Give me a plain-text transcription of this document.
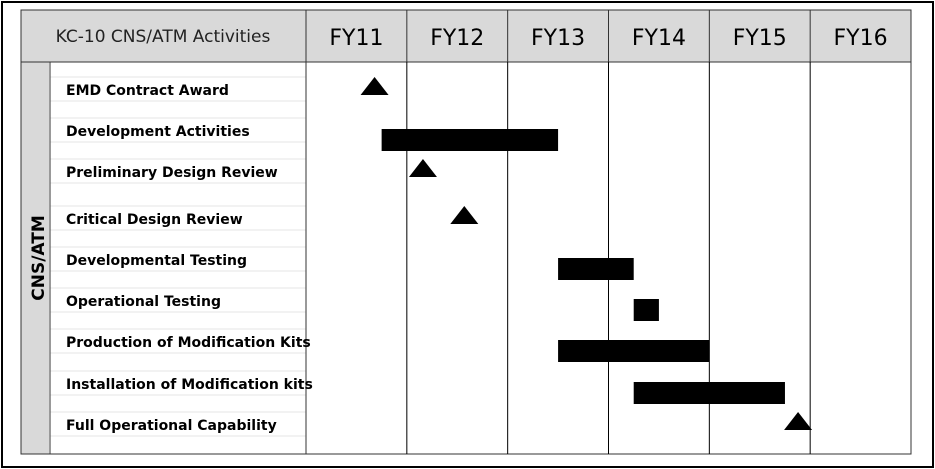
KC-10 CNS/ATM Activities	FY11 FY12 FY13 FY14 FY15 FY16
CNS/ATM
EMD Contract Award
Development Activities
Preliminary Design Review
Critical Design Review
Developmental Testing
Operational Testing
Production of Modification Kits
Installation of Modification kits
Full Operational Capability
